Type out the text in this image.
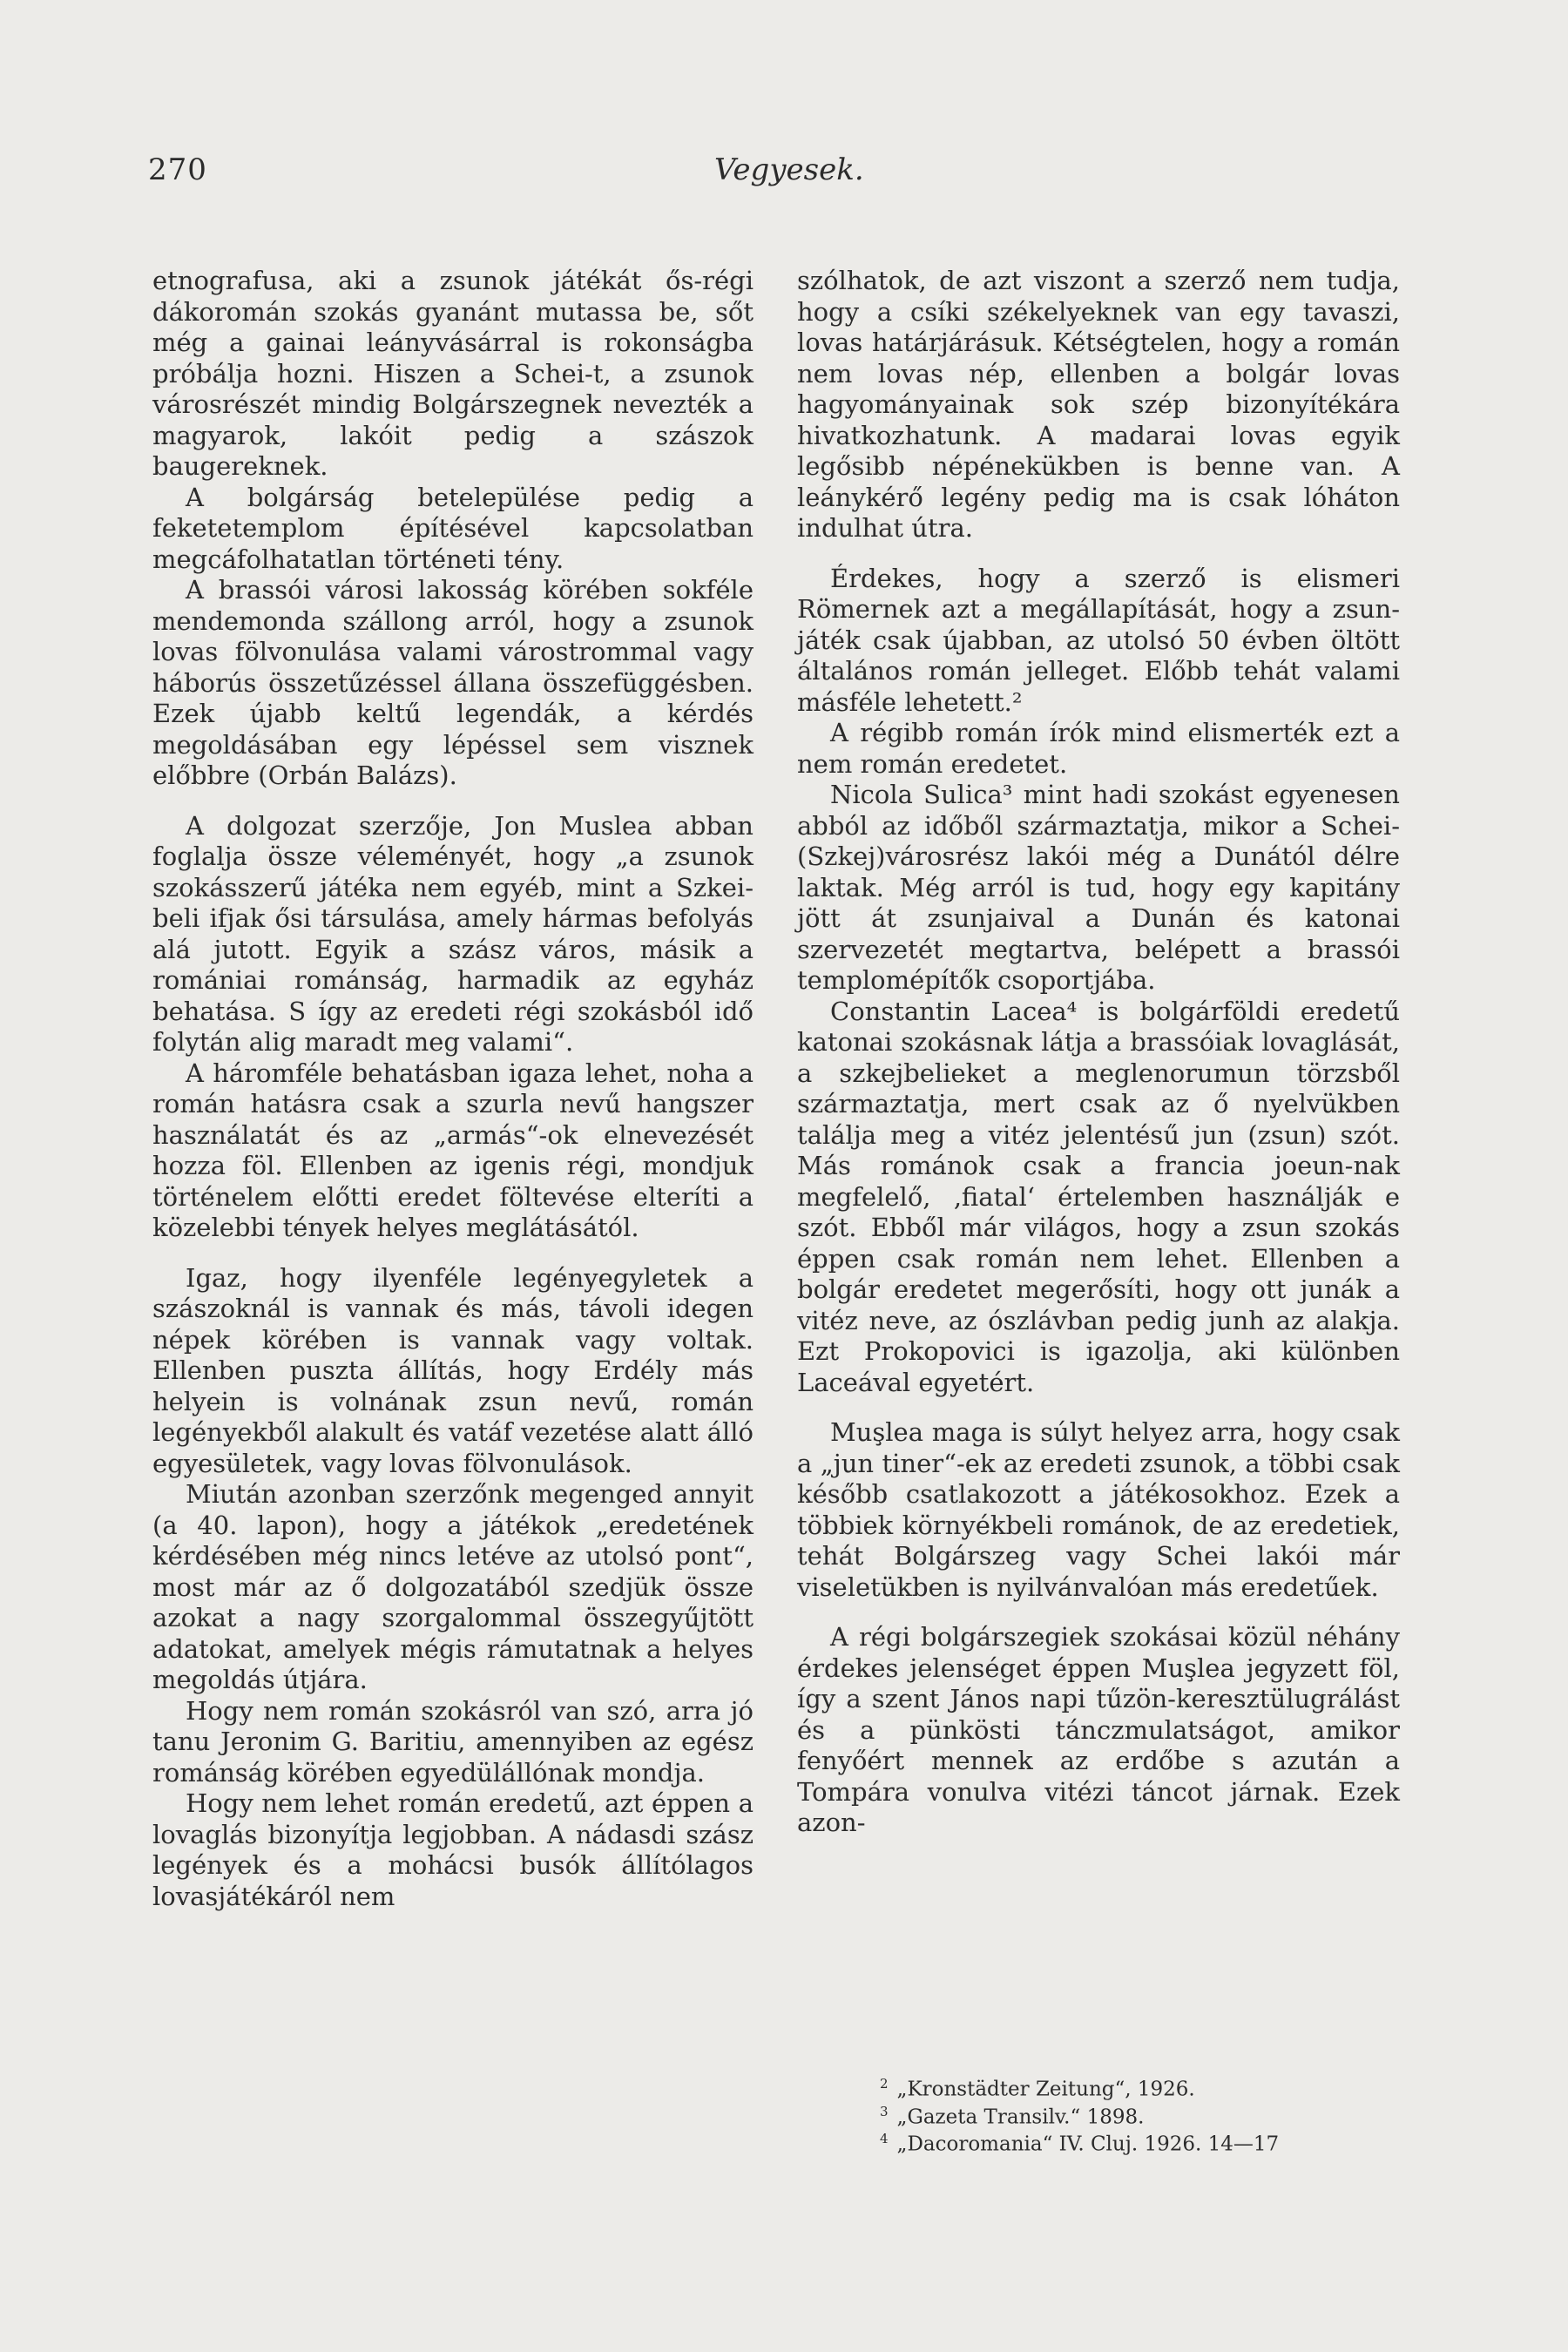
270	Vegyesek.

etnografusa, aki a zsunok játékát ős-régi dákoromán szokás gyanánt mutassa be, sőt még a gainai leányvásárral is rokonságba próbálja hozni. Hiszen a Schei-t, a zsunok városrészét mindig Bolgárszegnek nevezték a magyarok, lakóit pedig a szászok baugereknek.

A bolgárság betelepülése pedig a feketetemplom építésével kapcsolatban megcáfolhatatlan történeti tény.

A brassói városi lakosság körében sokféle mendemonda szállong arról, hogy a zsunok lovas fölvonulása valami várostrommal vagy háborús összetűzéssel állana összefüggésben. Ezek újabb keltű legendák, a kérdés megoldásában egy lépéssel sem visznek előbbre (Orbán Balázs).

A dolgozat szerzője, Jon Muslea abban foglalja össze véleményét, hogy „a zsunok szokásszerű játéka nem egyéb, mint a Szkei-beli ifjak ősi társulása, amely hármas befolyás alá jutott. Egyik a szász város, másik a romániai románság, harmadik az egyház behatása. S így az eredeti régi szokásból idő folytán alig maradt meg valami“.

A háromféle behatásban igaza lehet, noha a román hatásra csak a szurla nevű hangszer használatát és az „armás“-ok elnevezését hozza föl. Ellenben az igenis régi, mondjuk történelem előtti eredet föltevése elteríti a közelebbi tények helyes meglátásától.

Igaz, hogy ilyenféle legényegyletek a szászoknál is vannak és más, távoli idegen népek körében is vannak vagy voltak. Ellenben puszta állítás, hogy Erdély más helyein is volnának zsun nevű, román legényekből alakult és vatáf vezetése alatt álló egyesületek, vagy lovas fölvonulások.

Miután azonban szerzőnk megenged annyit (a 40. lapon), hogy a játékok „eredetének kérdésében még nincs letéve az utolsó pont“, most már az ő dolgozatából szedjük össze azokat a nagy szorgalommal összegyűjtött adatokat, amelyek mégis rámutatnak a helyes megoldás útjára.

Hogy nem román szokásról van szó, arra jó tanu Jeronim G. Baritiu, amennyiben az egész románság körében egyedülállónak mondja.

Hogy nem lehet román eredetű, azt éppen a lovaglás bizonyítja legjobban. A nádasdi szász legények és a mohácsi busók állítólagos lovasjátékáról nem

szólhatok, de azt viszont a szerző nem tudja, hogy a csíki székelyeknek van egy tavaszi, lovas határjárásuk. Kétségtelen, hogy a román nem lovas nép, ellenben a bolgár lovas hagyományainak sok szép bizonyítékára hivatkozhatunk. A madarai lovas egyik legősibb népénekükben is benne van. A leánykérő legény pedig ma is csak lóháton indulhat útra.

Érdekes, hogy a szerző is elismeri Römernek azt a megállapítását, hogy a zsun-játék csak újabban, az utolsó 50 évben öltött általános román jelleget. Előbb tehát valami másféle lehetett.²

A régibb román írók mind elismerték ezt a nem román eredetet.

Nicola Sulica³ mint hadi szokást egyenesen abból az időből származtatja, mikor a Schei-(Szkej)városrész lakói még a Dunától délre laktak. Még arról is tud, hogy egy kapitány jött át zsunjaival a Dunán és katonai szervezetét megtartva, belépett a brassói templomépítők csoportjába.

Constantin Lacea⁴ is bolgárföldi eredetű katonai szokásnak látja a brassóiak lovaglását, a szkejbelieket a meglenorumun törzsből származtatja, mert csak az ő nyelvükben találja meg a vitéz jelentésű jun (zsun) szót. Más románok csak a francia joeun-nak megfelelő, ‚fiatal‘ értelemben használják e szót. Ebből már világos, hogy a zsun szokás éppen csak román nem lehet. Ellenben a bolgár eredetet megerősíti, hogy ott junák a vitéz neve, az ószlávban pedig junh az alakja. Ezt Prokopovici is igazolja, aki különben Laceával egyetért.

Muşlea maga is súlyt helyez arra, hogy csak a „jun tiner“-ek az eredeti zsunok, a többi csak később csatlakozott a játékosokhoz. Ezek a többiek környékbeli románok, de az eredetiek, tehát Bolgárszeg vagy Schei lakói már viseletükben is nyilvánvalóan más eredetűek.

A régi bolgárszegiek szokásai közül néhány érdekes jelenséget éppen Muşlea jegyzett föl, így a szent János napi tűzön-keresztülugrálást és a pünkösti tánczmulatságot, amikor fenyőért mennek az erdőbe s azután a Tompára vonulva vitézi táncot járnak. Ezek azon-

$^2$ „Kronstädter Zeitung“, 1926.

$^3$ „Gazeta Transilv.“ 1898.

$^4$ „Dacoromania“ IV. Cluj. 1926. 14—17
